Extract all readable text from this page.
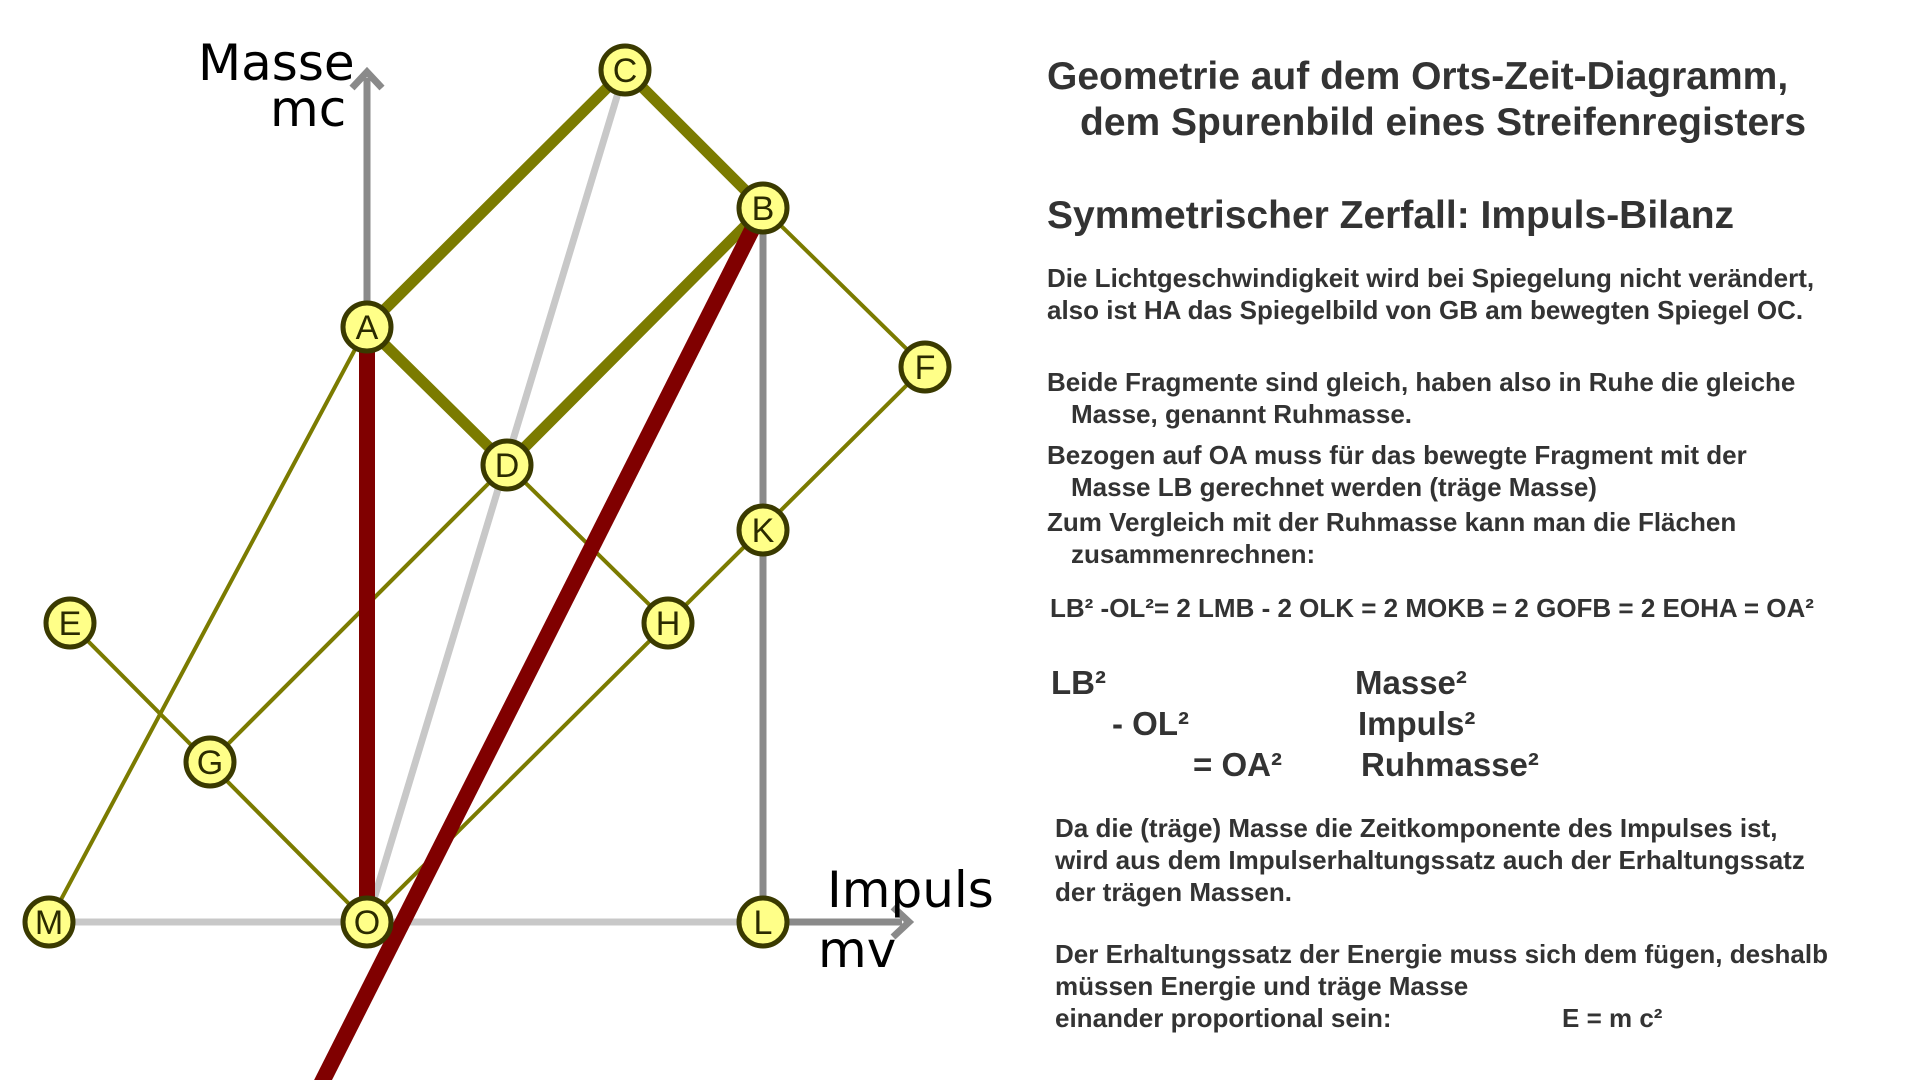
Masse
mc
Impuls
mv
C
B
A
F
D
K
E	H
G
M	O	L
Geometrie auf dem Orts-Zeit-Diagramm,
dem Spurenbild eines Streifenregisters
Symmetrischer Zerfall: Impuls-Bilanz
Die Lichtgeschwindigkeit wird bei Spiegelung nicht verändert,
also ist HA das Spiegelbild von GB am bewegten Spiegel OC.
Beide Fragmente sind gleich, haben also in Ruhe die gleiche
Masse, genannt Ruhmasse.
Bezogen auf OA muss für das bewegte Fragment mit der
Masse LB gerechnet werden (träge Masse)
Zum Vergleich mit der Ruhmasse kann man die Flächen
zusammenrechnen:
LB² -OL²= 2 LMB - 2 OLK = 2 MOKB = 2 GOFB = 2 EOHA = OA²
LB²	Masse²
- OL²	Impuls²
= OA² Ruhmasse²
Da die (träge) Masse die Zeitkomponente des Impulses ist,
wird aus dem Impulserhaltungssatz auch der Erhaltungssatz
der trägen Massen.
Der Erhaltungssatz der Energie muss sich dem fügen, deshalb
müssen Energie und träge Masse
einander proportional sein:	E = m c²
